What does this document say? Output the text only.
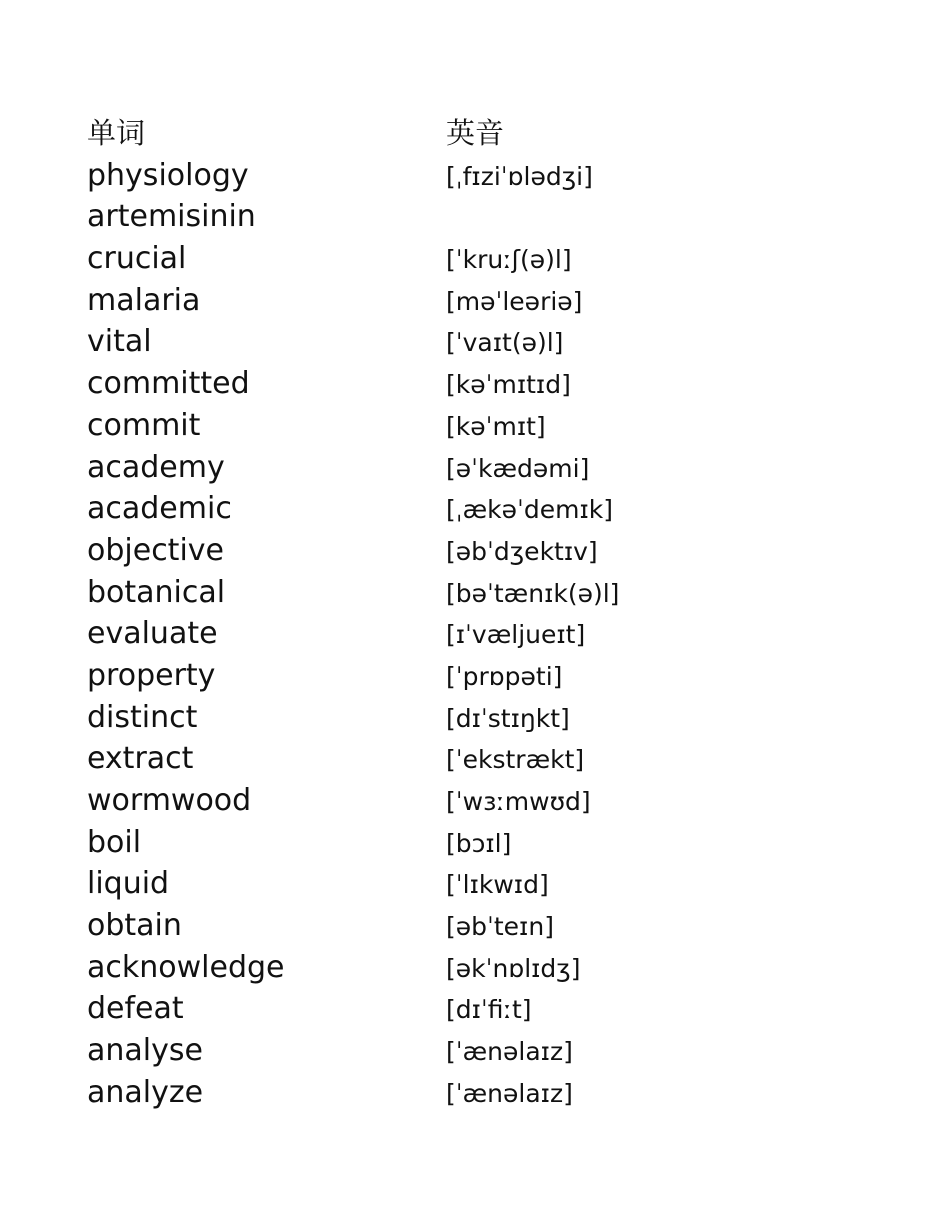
单词	英音
physiology	[ˌfɪziˈɒlədʒi]
artemisinin
crucial	[ˈkruːʃ(ə)l]
malaria	[məˈleəriə]
vital	[ˈvaɪt(ə)l]
committed	[kəˈmɪtɪd]
commit	[kəˈmɪt]
academy	[əˈkædəmi]
academic	[ˌækəˈdemɪk]
objective	[əbˈdʒektɪv]
botanical	[bəˈtænɪk(ə)l]
evaluate	[ɪˈvæljueɪt]
property	[ˈprɒpəti]
distinct	[dɪˈstɪŋkt]
extract	[ˈekstrækt]
wormwood	[ˈwɜːmwʊd]
boil	[bɔɪl]
liquid	[ˈlɪkwɪd]
obtain	[əbˈteɪn]
acknowledge	[əkˈnɒlɪdʒ]
defeat	[dɪˈfiːt]
analyse	[ˈænəlaɪz]
analyze	[ˈænəlaɪz]
